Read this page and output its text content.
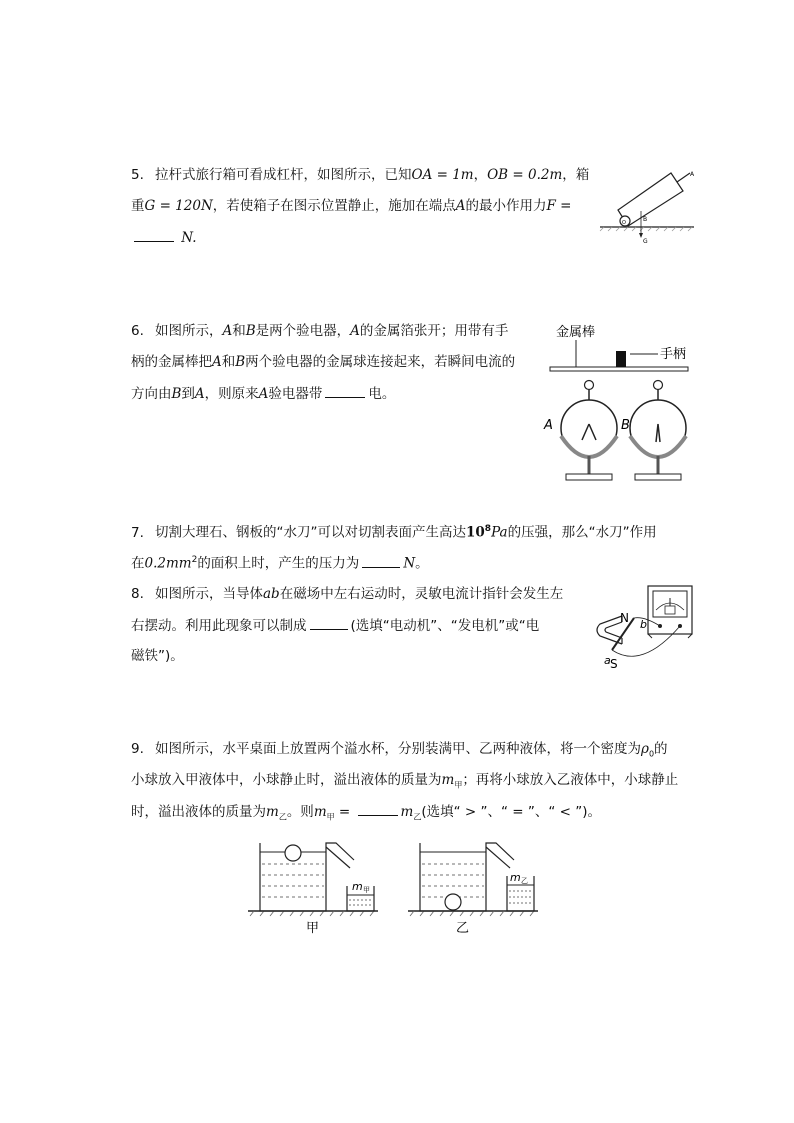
5. 拉杆式旅行箱可看成杠杆，如图所示，已知OA = 1m，OB = 0.2m，箱
重G = 120N，若使箱子在图示位置静止，施加在端点A的最小作用力F =
N.
B
G
A
O
6. 如图所示，A和B是两个验电器，A的金属箔张开；用带有手
柄的金属棒把A和B两个验电器的金属球连接起来，若瞬间电流的
方向由B到A，则原来A验电器带	电。
金属棒
手柄
A	B
7. 切割大理石、钢板的“水刀”可以对切割表面产生高达$10^8Pa$的压强，那么“水刀”作用
在$0.2mm^2$的面积上时，产生的压力为	N。
8. 如图所示，当导体ab在磁场中左右运动时，灵敏电流计指针会发生左
右摆动。利用此现象可以制成	(选填“电动机”、“发电机”或“电
磁铁”)。
N
S
a
b
9. 如图所示，水平桌面上放置两个溢水杯，分别装满甲、乙两种液体，将一个密度为$\rho_0$的
小球放入甲液体中，小球静止时，溢出液体的质量为$m_甲$；再将小球放入乙液体中，小球静止
时，溢出液体的质量为$m_乙$。则$m_甲$ =	$m_乙$(选填“ > ”、“ = ”、“ < ”)。
m 甲
甲
m 乙
乙
